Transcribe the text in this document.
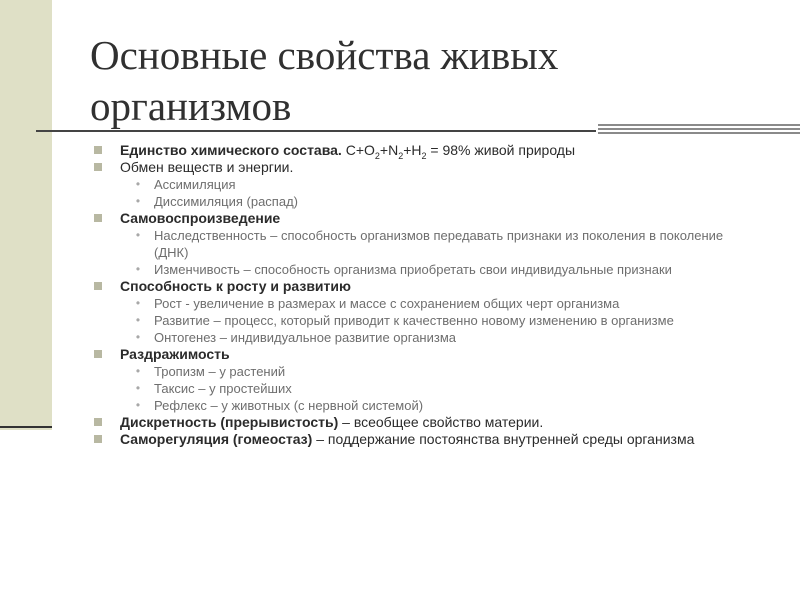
Основные свойства живых организмов
Единство химического состава. $C+O_2+N_2+H_2 = 98\%$ живой природы
Обмен веществ и энергии.
•	Ассимиляция
•	Диссимиляция (распад)
Самовоспроизведение
•	Наследственность – способность организмов передавать признаки из поколения в поколение (ДНК)
•	Изменчивость – способность организма приобретать свои индивидуальные признаки
Способность к росту и развитию
•	Рост - увеличение в размерах и массе с сохранением общих черт организма
•	Развитие – процесс, который приводит к качественно новому изменению в организме
•	Онтогенез – индивидуальное развитие организма
Раздражимость
•	Тропизм – у растений
•	Таксис – у простейших
•	Рефлекс – у животных (с нервной системой)
Дискретность (прерывистость) – всеобщее свойство материи.
Саморегуляция (гомеостаз) – поддержание постоянства внутренней среды организма
